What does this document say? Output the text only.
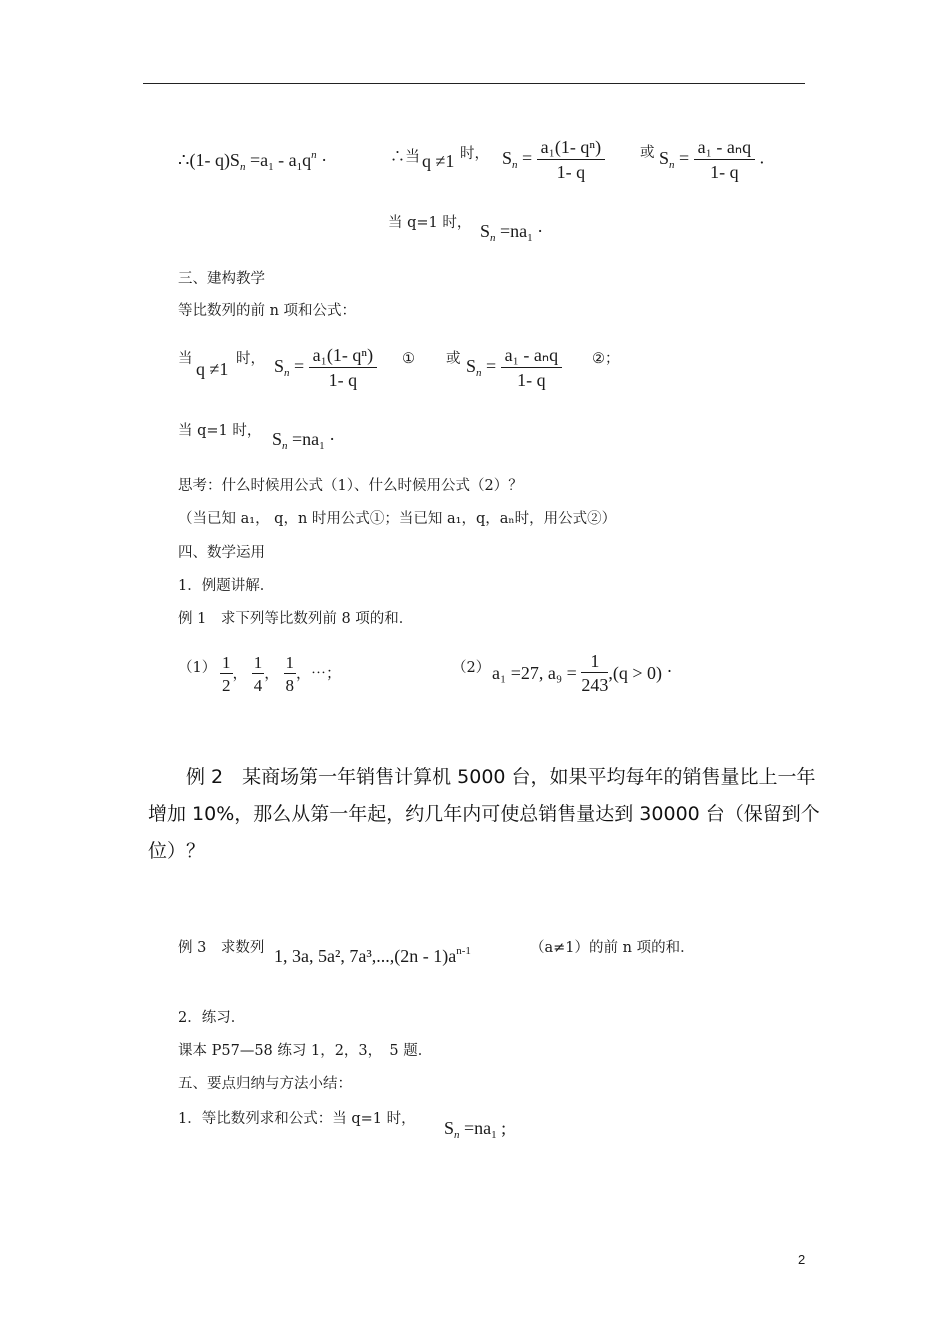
∴(1- $q)S_n =a_1 - a_1q^n$ ·	∴当 q ≠1 时， $S_n = \frac{\text{a₁(1- qⁿ)}}{1- q}$ 或 $S_n = \frac{\text{a₁ - aₙq}}{1- q}$ .
当 q=1 时， $S_n =na_1$ ·
三、建构教学
等比数列的前 n 项和公式：
当 q ≠1 时， $S_n = \frac{\text{a₁(1- qⁿ)}}{1- q}$ ① 或 $S_n = \frac{\text{a₁ - aₙq}}{1- q}$ ②；
当 q=1 时， $S_n =na_1$ ·
思考：什么时候用公式（1）、什么时候用公式（2）？
（当已知 a₁， q，n 时用公式①；当已知 a₁，q，aₙ时，用公式②）
四、数学运用
1．例题讲解．
例 1　求下列等比数列前 8 项的和．
$(1) \frac{1}{2}$ ， $\frac{1}{4}$ ， $\frac{1}{8}$ ，⋯；	（2） a₁ =27, $a_9 = \frac{1}{243} ,(q > 0)$ ·
例 2　某商场第一年销售计算机 5000 台，如果平均每年的销售量比上一年
增加 10%，那么从第一年起，约几年内可使总销售量达到 30000 台（保留到个
位）？
例 3　求数列 1, 3a, 5a², $7a^3,...,(2n - 1)a^{n-1}$	（a≠1）的前 n 项的和．
2．练习．
课本 P57—58 练习 1，2，3，　5 题．
五、要点归纳与方法小结：
1．等比数列求和公式：当 q=1 时， $S_n =na_1$ ;
2
